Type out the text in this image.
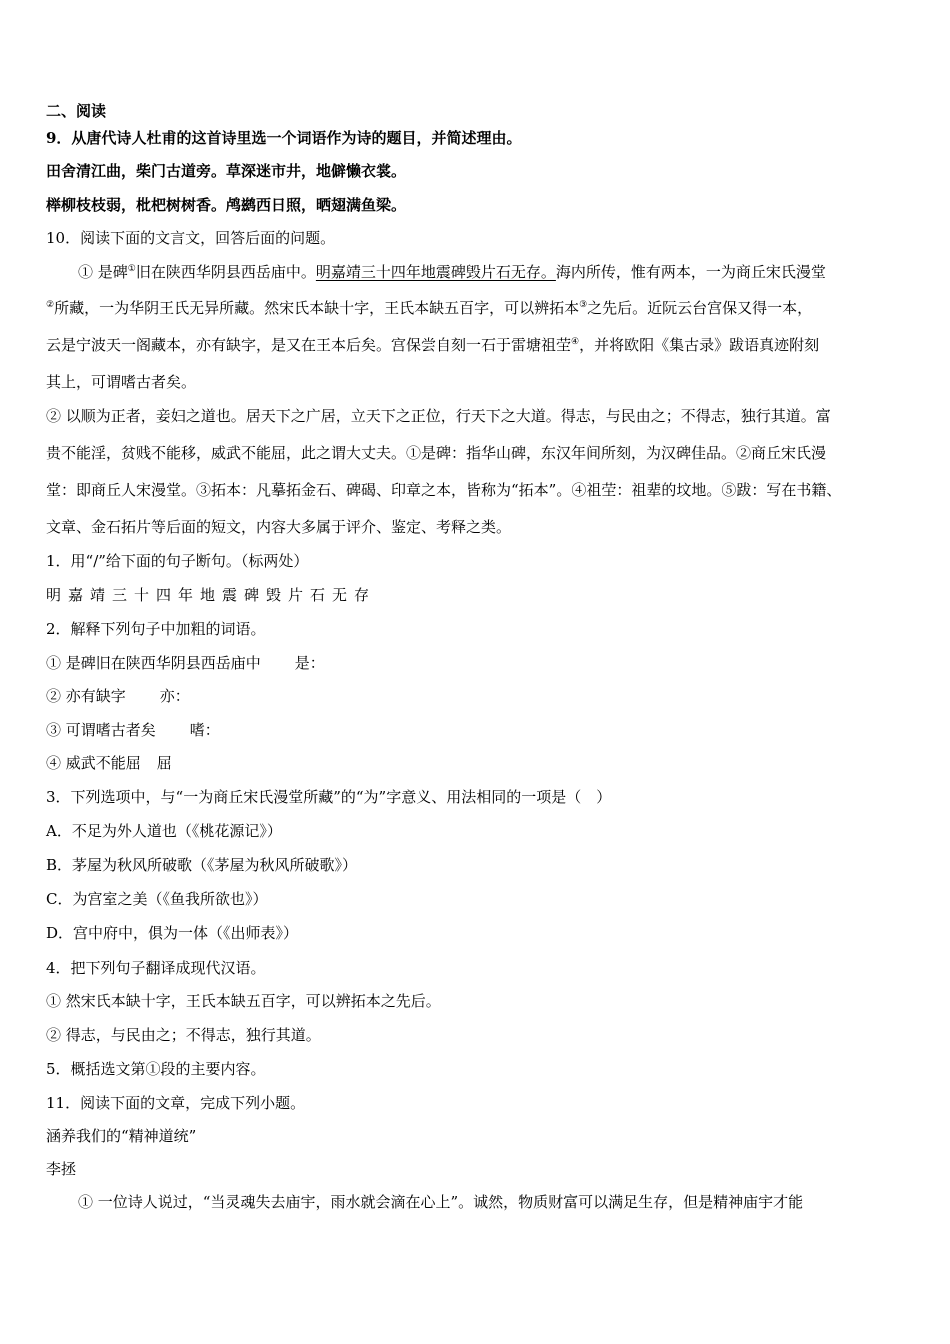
二、阅读
9．从唐代诗人杜甫的这首诗里选一个词语作为诗的题目，并简述理由。
田舍清江曲，柴门古道旁。草深迷市井，地僻懒衣裳。
榉柳枝枝弱，枇杷树树香。鸬鹚西日照，晒翅满鱼梁。
10．阅读下面的文言文，回答后面的问题。
① 是碑①旧在陕西华阴县西岳庙中。明嘉靖三十四年地震碑毁片石无存。海内所传，惟有两本，一为商丘宋氏漫堂
②所藏，一为华阴王氏无异所藏。然宋氏本缺十字，王氏本缺五百字，可以辨拓本③之先后。近阮云台宫保又得一本，
云是宁波天一阁藏本，亦有缺字，是又在王本后矣。宫保尝自刻一石于雷塘祖茔④，并将欧阳《集古录》跋语真迹附刻
其上，可谓嗜古者矣。
② 以顺为正者，妾妇之道也。居天下之广居，立天下之正位，行天下之大道。得志，与民由之；不得志，独行其道。富
贵不能淫，贫贱不能移，威武不能屈，此之谓大丈夫。①是碑：指华山碑，东汉年间所刻，为汉碑佳品。②商丘宋氏漫
堂：即商丘人宋漫堂。③拓本：凡摹拓金石、碑碣、印章之本，皆称为“拓本”。④祖茔：祖辈的坟地。⑤跋：写在书籍、
文章、金石拓片等后面的短文，内容大多属于评介、鉴定、考释之类。
1．用“/”给下面的句子断句。（标两处）
明嘉靖三十四年地震碑毁片石无存
2．解释下列句子中加粗的词语。
① 是碑旧在陕西华阴县西岳庙中 是：
② 亦有缺字 亦：
③ 可谓嗜古者矣 嗜：
④ 威武不能屈 屈
3．下列选项中，与“一为商丘宋氏漫堂所藏”的“为”字意义、用法相同的一项是（　）
A．不足为外人道也（《桃花源记》）
B．茅屋为秋风所破歌（《茅屋为秋风所破歌》）
C．为宫室之美（《鱼我所欲也》）
D．宫中府中，俱为一体（《出师表》）
4．把下列句子翻译成现代汉语。
① 然宋氏本缺十字，王氏本缺五百字，可以辨拓本之先后。
② 得志，与民由之；不得志，独行其道。
5．概括选文第①段的主要内容。
11．阅读下面的文章，完成下列小题。
涵养我们的“精神道统”
李拯
① 一位诗人说过，“当灵魂失去庙宇，雨水就会滴在心上”。诚然，物质财富可以满足生存，但是精神庙宇才能
